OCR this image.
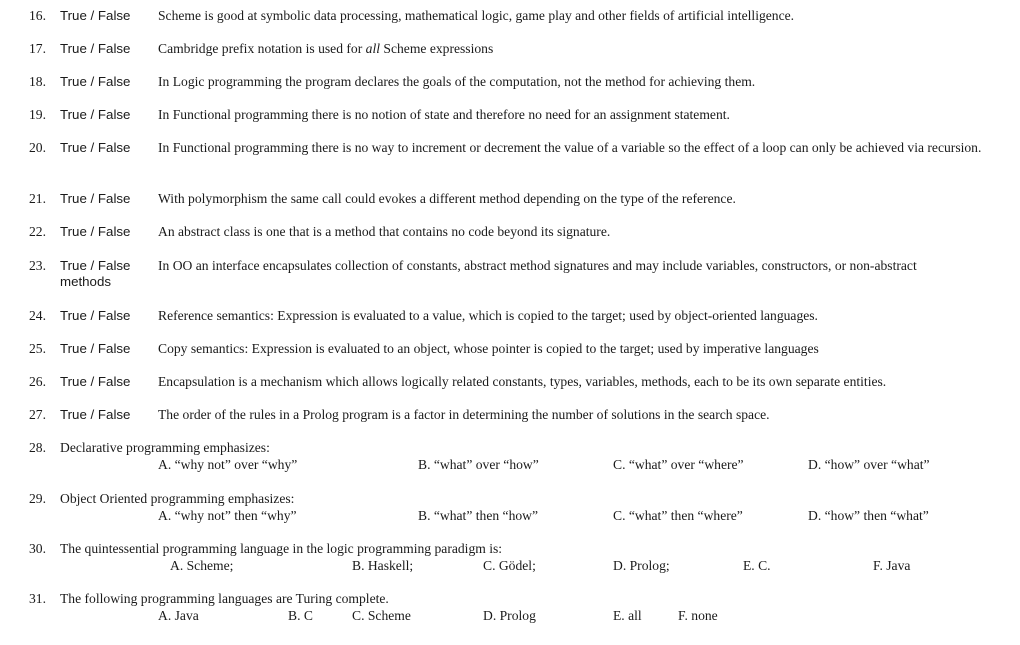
16. True / False Scheme is good at symbolic data processing, mathematical logic, game play and other fields of artificial intelligence.
17. True / False Cambridge prefix notation is used for all Scheme expressions
18. True / False In Logic programming the program declares the goals of the computation, not the method for achieving them.
19. True / False In Functional programming there is no notion of state and therefore no need for an assignment statement.
20. True / False In Functional programming there is no way to increment or decrement the value of a variable so the effect of a loop can only be achieved via recursion.
21. True / False With polymorphism the same call could evokes a different method depending on the type of the reference.
22. True / False An abstract class is one that is a method that contains no code beyond its signature.
23. True / False In OO an interface encapsulates collection of constants, abstract method signatures and may include variables, constructors, or non-abstract
methods
24. True / False Reference semantics: Expression is evaluated to a value, which is copied to the target; used by object-oriented languages.
25. True / False Copy semantics: Expression is evaluated to an object, whose pointer is copied to the target; used by imperative languages
26. True / False Encapsulation is a mechanism which allows logically related constants, types, variables, methods, each to be its own separate entities.
27. True / False The order of the rules in a Prolog program is a factor in determining the number of solutions in the search space.
28. Declarative programming emphasizes:
A. “why not” over “why”	B. “what” over “how”	C. “what” over “where”	D. “how” over “what”
29. Object Oriented programming emphasizes:
A. “why not” then “why”	B. “what” then “how”	C. “what” then “where”	D. “how” then “what”
30. The quintessential programming language in the logic programming paradigm is:
A. Scheme;	B. Haskell;	C. Gödel;	D. Prolog;	E. C.	F. Java
31. The following programming languages are Turing complete.
A. Java	B. C	C. Scheme	D. Prolog	E. all	F. none
